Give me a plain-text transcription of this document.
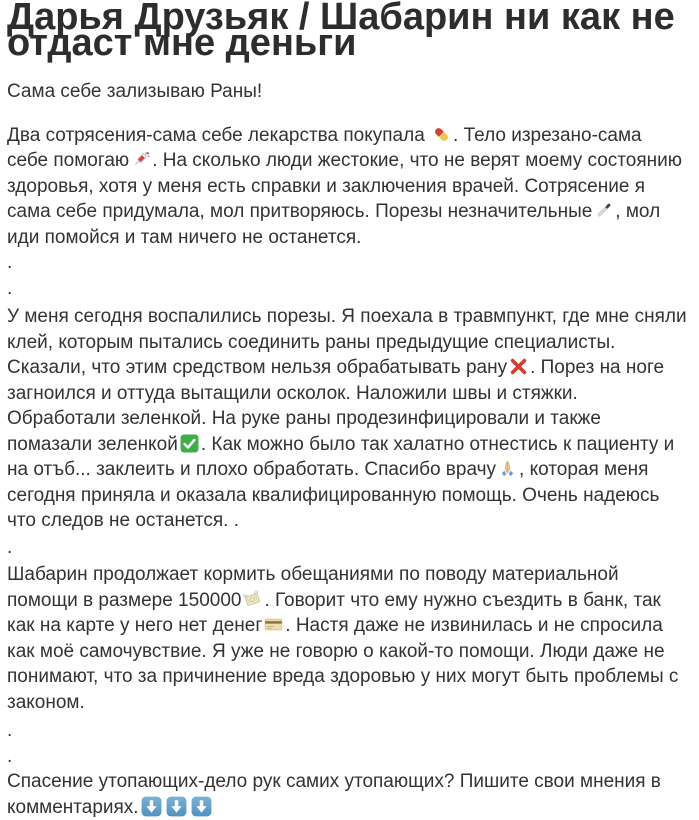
Дарья Друзьяк / Шабарин ни как не отдаст мне деньги

Сама себе зализываю Раны!

Два сотрясения-сама себе лекарства покупала
. Тело изрезано-сама себе помогаю . На сколько люди жестокие, что не верят моему состоянию здоровья, хотя у меня есть справки и заключения врачей. Сотрясение я сама себе придумала, мол притворяюсь. Порезы незначительные , мол иди помойся и там ничего не останется.

.

.

У меня сегодня воспалились порезы. Я поехала в травмпункт, где мне сняли клей, которым пытались соединить раны предыдущие специалисты. Сказали, что этим средством нельзя обрабатывать рану . Порез на ноге загноился и оттуда вытащили осколок. Наложили швы и стяжки. Обработали зеленкой. На руке раны продезинфицировали и также помазали зеленкой . Как можно было так халатно отнестись к пациенту и на отъб... заклеить и плохо обработать. Спасибо врачу , которая меня сегодня приняла и оказала квалифицированную помощь. Очень надеюсь что следов не останется. .

.

Шабарин продолжает кормить обещаниями по поводу материальной помощи в размере 150000 . Говорит что ему нужно съездить в банк, так как на карте у него нет денег . Настя даже не извинилась и не спросила как моё самочувствие. Я уже не говорю о какой-то помощи. Люди даже не понимают, что за причинение вреда здоровью у них могут быть проблемы с законом.

.

.

Спасение утопающих-дело рук самих утопающих? Пишите свои мнения в комментариях.
